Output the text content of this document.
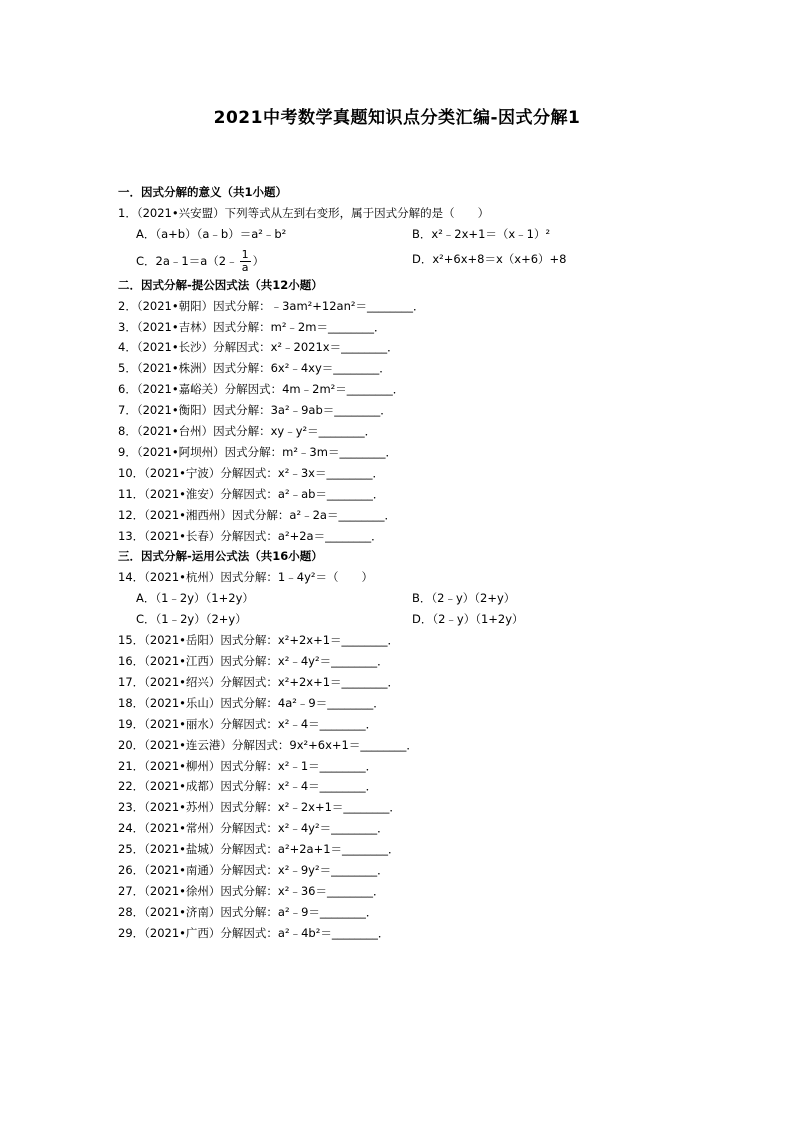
2021中考数学真题知识点分类汇编-因式分解1
一．因式分解的意义（共1小题）
1．（2021•兴安盟）下列等式从左到右变形，属于因式分解的是（　　）
A．（a+b）（a﹣b）＝a²﹣b²	B．x²﹣2x+1＝（x﹣1）²
C．2a﹣1＝a（2﹣ $\frac{1}{a}$ ）	D．x²+6x+8＝x（x+6）+8
二．因式分解-提公因式法（共12小题）
2．（2021•朝阳）因式分解：﹣3am²+12an²＝________．
3．（2021•吉林）因式分解：m²﹣2m＝________．
4．（2021•长沙）分解因式：x²﹣2021x＝________．
5．（2021•株洲）因式分解：6x²﹣4xy＝________．
6．（2021•嘉峪关）分解因式：4m﹣2m²＝________．
7．（2021•衡阳）因式分解：3a²﹣9ab＝________．
8．（2021•台州）因式分解：xy﹣y²＝________．
9．（2021•阿坝州）因式分解：m²﹣3m＝________．
10．（2021•宁波）分解因式：x²﹣3x＝________．
11．（2021•淮安）分解因式：a²﹣ab＝________．
12．（2021•湘西州）因式分解：a²﹣2a＝________．
13．（2021•长春）分解因式：a²+2a＝________．
三．因式分解-运用公式法（共16小题）
14．（2021•杭州）因式分解：1﹣4y²＝（　　）
A．（1﹣2y）（1+2y）	B．（2﹣y）（2+y）
C．（1﹣2y）（2+y）	D．（2﹣y）（1+2y）
15．（2021•岳阳）因式分解：x²+2x+1＝________．
16．（2021•江西）因式分解：x²﹣4y²＝________．
17．（2021•绍兴）分解因式：x²+2x+1＝________．
18．（2021•乐山）因式分解：4a²﹣9＝________．
19．（2021•丽水）分解因式：x²﹣4＝________．
20．（2021•连云港）分解因式：9x²+6x+1＝________．
21．（2021•柳州）因式分解：x²﹣1＝________．
22．（2021•成都）因式分解：x²﹣4＝________．
23．（2021•苏州）因式分解：x²﹣2x+1＝________．
24．（2021•常州）分解因式：x²﹣4y²＝________．
25．（2021•盐城）分解因式：a²+2a+1＝________．
26．（2021•南通）分解因式：x²﹣9y²＝________．
27．（2021•徐州）因式分解：x²﹣36＝________．
28．（2021•济南）因式分解：a²﹣9＝________．
29．（2021•广西）分解因式：a²﹣4b²＝________．
